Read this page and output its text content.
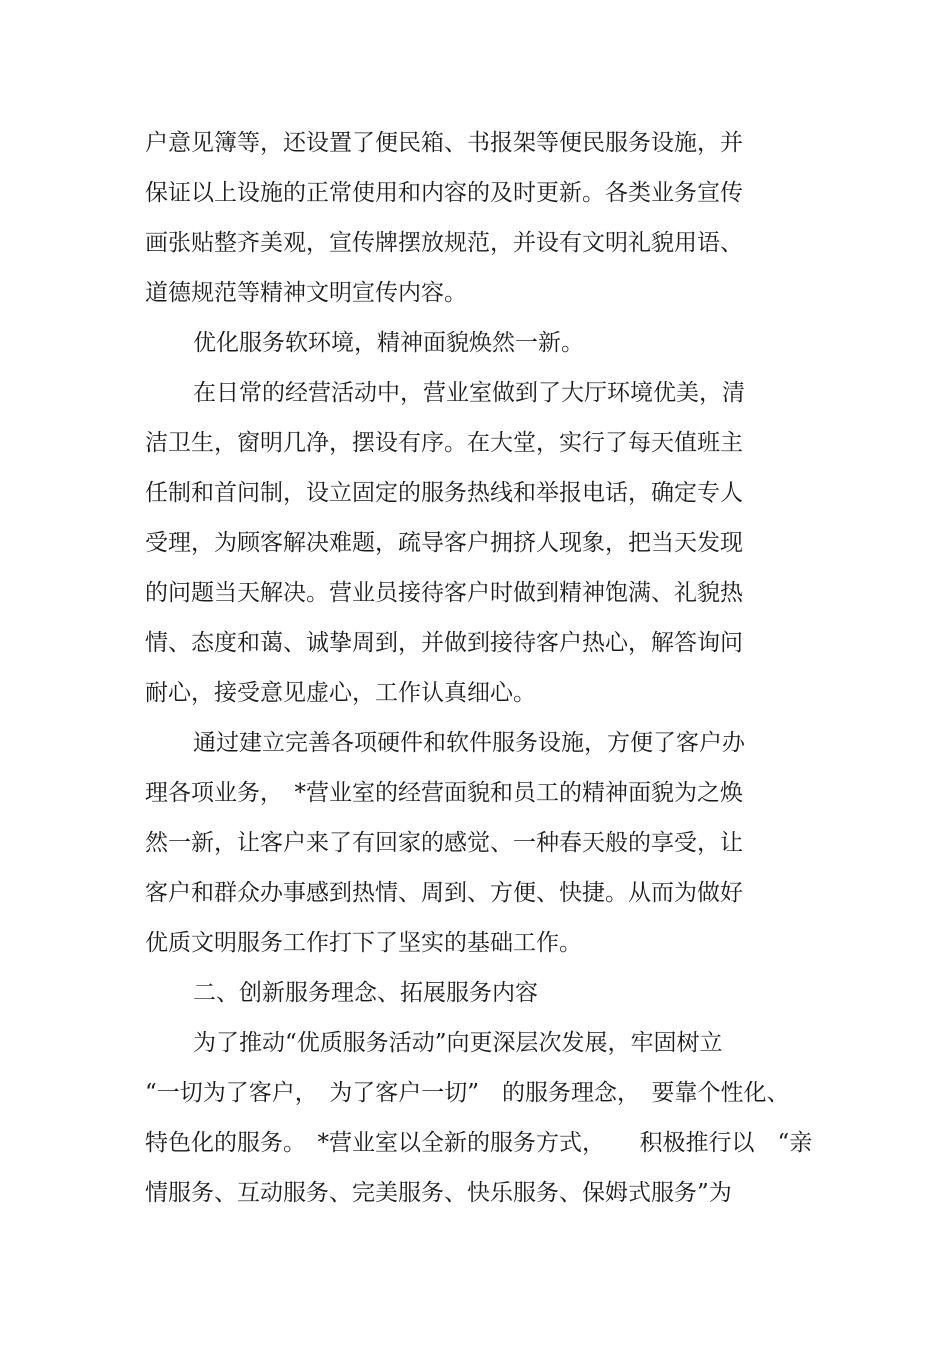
户意见簿等，还设置了便民箱、书报架等便民服务设施，并
保证以上设施的正常使用和内容的及时更新。各类业务宣传
画张贴整齐美观，宣传牌摆放规范，并设有文明礼貌用语、
道德规范等精神文明宣传内容。
优化服务软环境，精神面貌焕然一新。
在日常的经营活动中，营业室做到了大厅环境优美，清
洁卫生，窗明几净，摆设有序。在大堂，实行了每天值班主
任制和首问制，设立固定的服务热线和举报电话，确定专人
受理，为顾客解决难题，疏导客户拥挤人现象，把当天发现
的问题当天解决。营业员接待客户时做到精神饱满、礼貌热
情、态度和蔼、诚挚周到，并做到接待客户热心，解答询问
耐心，接受意见虚心，工作认真细心。
通过建立完善各项硬件和软件服务设施，方便了客户办
理各项业务，　*营业室的经营面貌和员工的精神面貌为之焕
然一新，让客户来了有回家的感觉、一种春天般的享受，让
客户和群众办事感到热情、周到、方便、快捷。从而为做好
优质文明服务工作打下了坚实的基础工作。
二、创新服务理念、拓展服务内容
为了推动“优质服务活动”向更深层次发展，牢固树立
“一切为了客户，　为了客户一切”　的服务理念，　要靠个性化、
特色化的服务。　*营业室以全新的服务方式，　　积极推行以　“亲
情服务、互动服务、完美服务、快乐服务、保姆式服务”为
